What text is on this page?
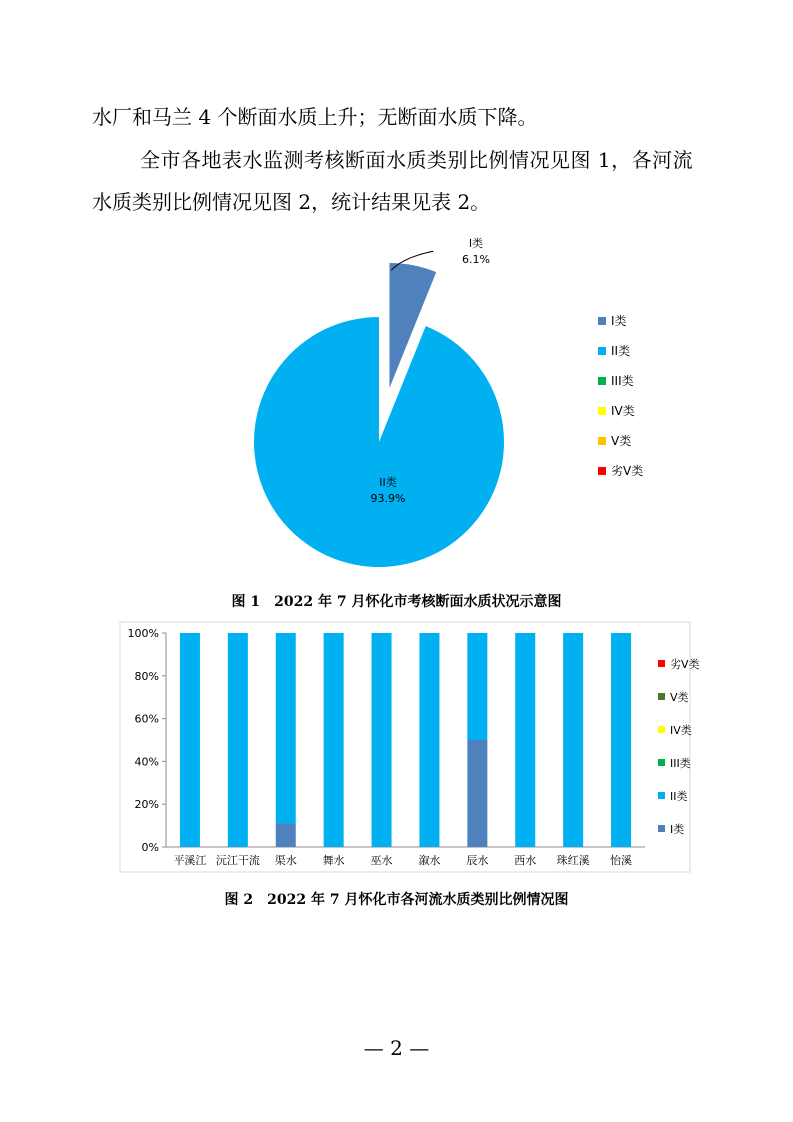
水厂和马兰 4 个断面水质上升；无断面水质下降。
全市各地表水监测考核断面水质类别比例情况见图 1，各河流
水质类别比例情况见图 2，统计结果见表 2。
I类
6.1%
II类
93.9%
I类
II类
III类
IV类
V类
劣V类
图 1　2022 年 7 月怀化市考核断面水质状况示意图
0%
20%
40%
60%
80%
100%
平溪江 沅江干流 渠水 舞水 巫水 溆水 辰水 西水 珠红溪 怡溪
劣V类
V类
IV类
III类
II类
I类
图 2　2022 年 7 月怀化市各河流水质类别比例情况图
— 2 —
